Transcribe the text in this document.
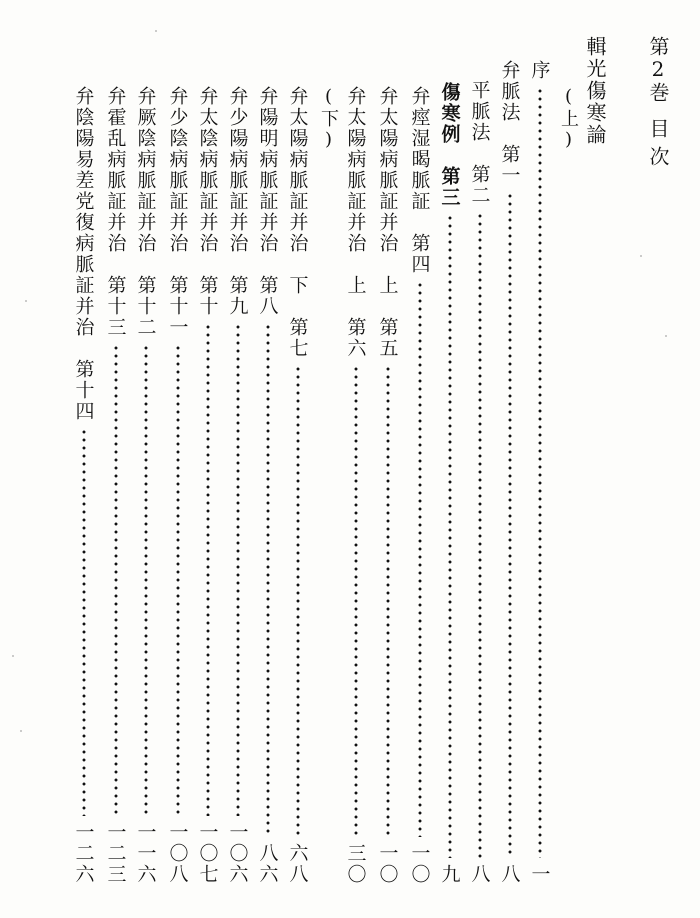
第2巻
目次
輯光傷寒論
(上)
序
一
弁脈法　第一
八
平脈法　第二
八
傷寒例　第三
九
弁痙湿暍脈証　第四
一〇
弁太陽病脈証并治　上　第五
一〇
弁太陽病脈証并治　上　第六
三〇
(下)
弁太陽病脈証并治　下　第七
六八
弁陽明病脈証并治　第八
八六
弁少陽病脈証并治　第九
一〇六
弁太陰病脈証并治　第十
一〇七
弁少陰病脈証并治　第十一
一〇八
弁厥陰病脈証并治　第十二
一一六
弁霍乱病脈証并治　第十三
一二三
弁陰陽易差党復病脈証并治　第十四
一二六
